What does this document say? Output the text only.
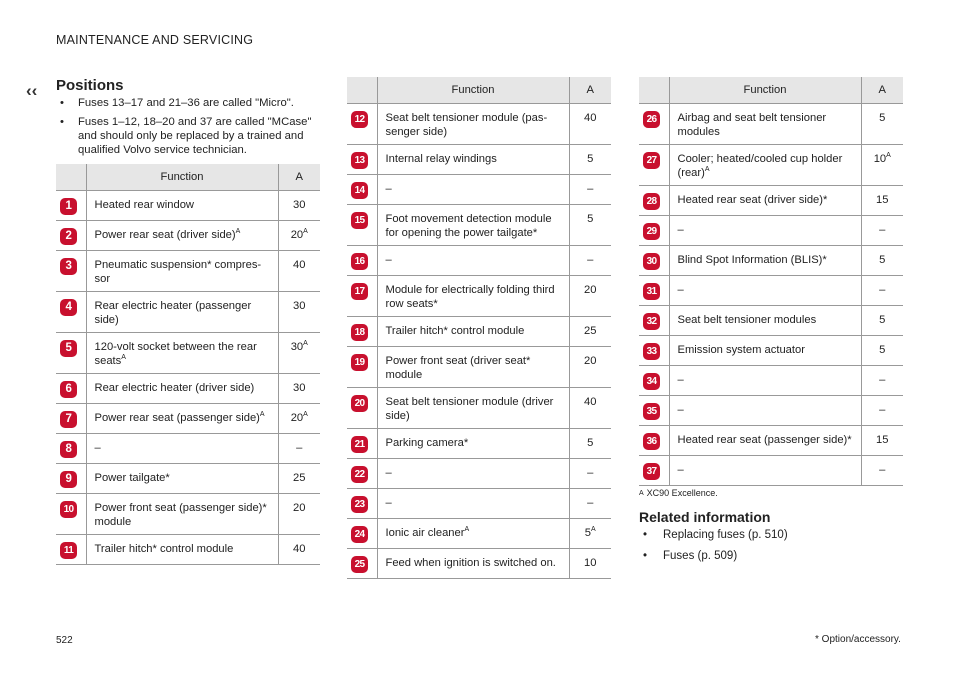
MAINTENANCE AND SERVICING
‹‹ Positions
• Fuses 13–17 and 21–36 are called "Micro".
• Fuses 1–12, 18–20 and 37 are called "MCase" and should only be replaced by a trained and qualified Volvo service technician.
	Function	A
1	Heated rear window	30
2	Power rear seat (driver side)$^A$	$20^A$
3	Pneumatic suspension* compres-sor	40
4	Rear electric heater (passenger side)	30
5	120-volt socket between the rear seats$^A$	$30^A$
6	Rear electric heater (driver side)	30
7	Power rear seat (passenger side)$^A$	$20^A$
8	–	–
9	Power tailgate*	25
10	Power front seat (passenger side)* module	20
11	Trailer hitch* control module	40
	Function	A
12	Seat belt tensioner module (pas-senger side)	40
13	Internal relay windings	5
14	–	–
15	Foot movement detection module for opening the power tailgate*	5
16	–	–
17	Module for electrically folding third row seats*	20
18	Trailer hitch* control module	25
19	Power front seat (driver seat* module	20
20	Seat belt tensioner module (driver side)	40
21	Parking camera*	5
22	–	–
23	–	–
24	Ionic air cleaner$^A$	$5^A$
25	Feed when ignition is switched on.	10
	Function	A
26	Airbag and seat belt tensioner modules	5
27	Cooler; heated/cooled cup holder (rear)$^A$	$10^A$
28	Heated rear seat (driver side)*	15
29	–	–
30	Blind Spot Information (BLIS)*	5
31	–	–
32	Seat belt tensioner modules	5
33	Emission system actuator	5
34	–	–
35	–	–
36	Heated rear seat (passenger side)*	15
37	–	–
$^A$ XC90 Excellence.
Related information
• Replacing fuses (p. 510)
• Fuses (p. 509)
522	* Option/accessory.
